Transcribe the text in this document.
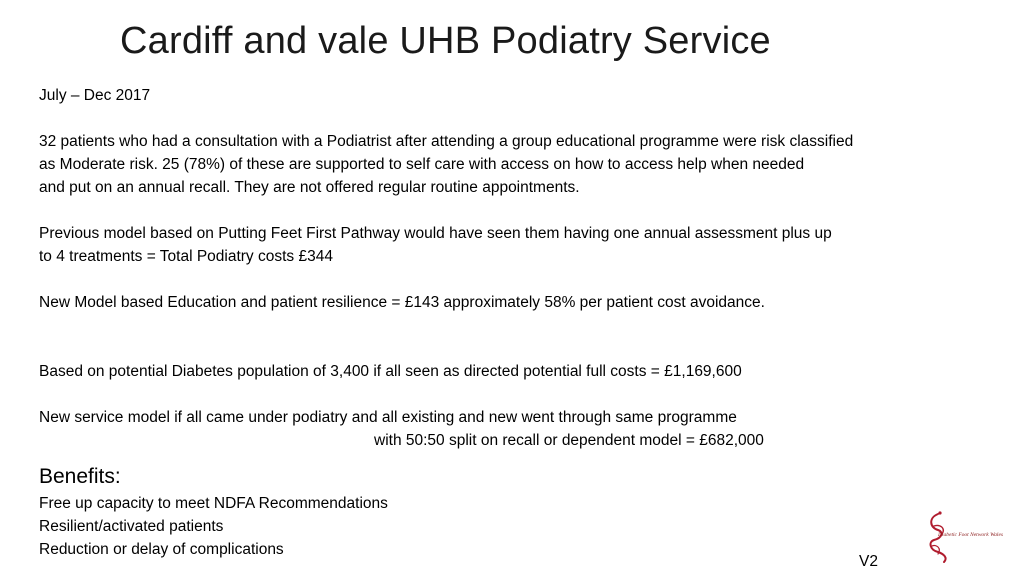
Cardiff and vale UHB Podiatry Service
July – Dec 2017
32 patients who had a consultation with a Podiatrist after attending a group educational programme were risk classified
as Moderate risk. 25 (78%) of these are supported to self care with access on how to access help when needed
and put on an annual recall. They are not offered regular routine appointments.
Previous model based on Putting Feet First Pathway would have seen them having one annual assessment plus up
to 4 treatments = Total Podiatry costs £344
New Model based Education and patient resilience = £143 approximately 58% per patient cost avoidance.
Based on potential Diabetes population of 3,400 if all seen as directed potential full costs = £1,169,600
New service model if all came under podiatry and all existing and new went through same programme
with 50:50 split on recall or dependent model = £682,000
Benefits:
Free up capacity to meet NDFA Recommendations
Resilient/activated patients
Reduction or delay of complications
V2
Diabetic Foot Network Wales
